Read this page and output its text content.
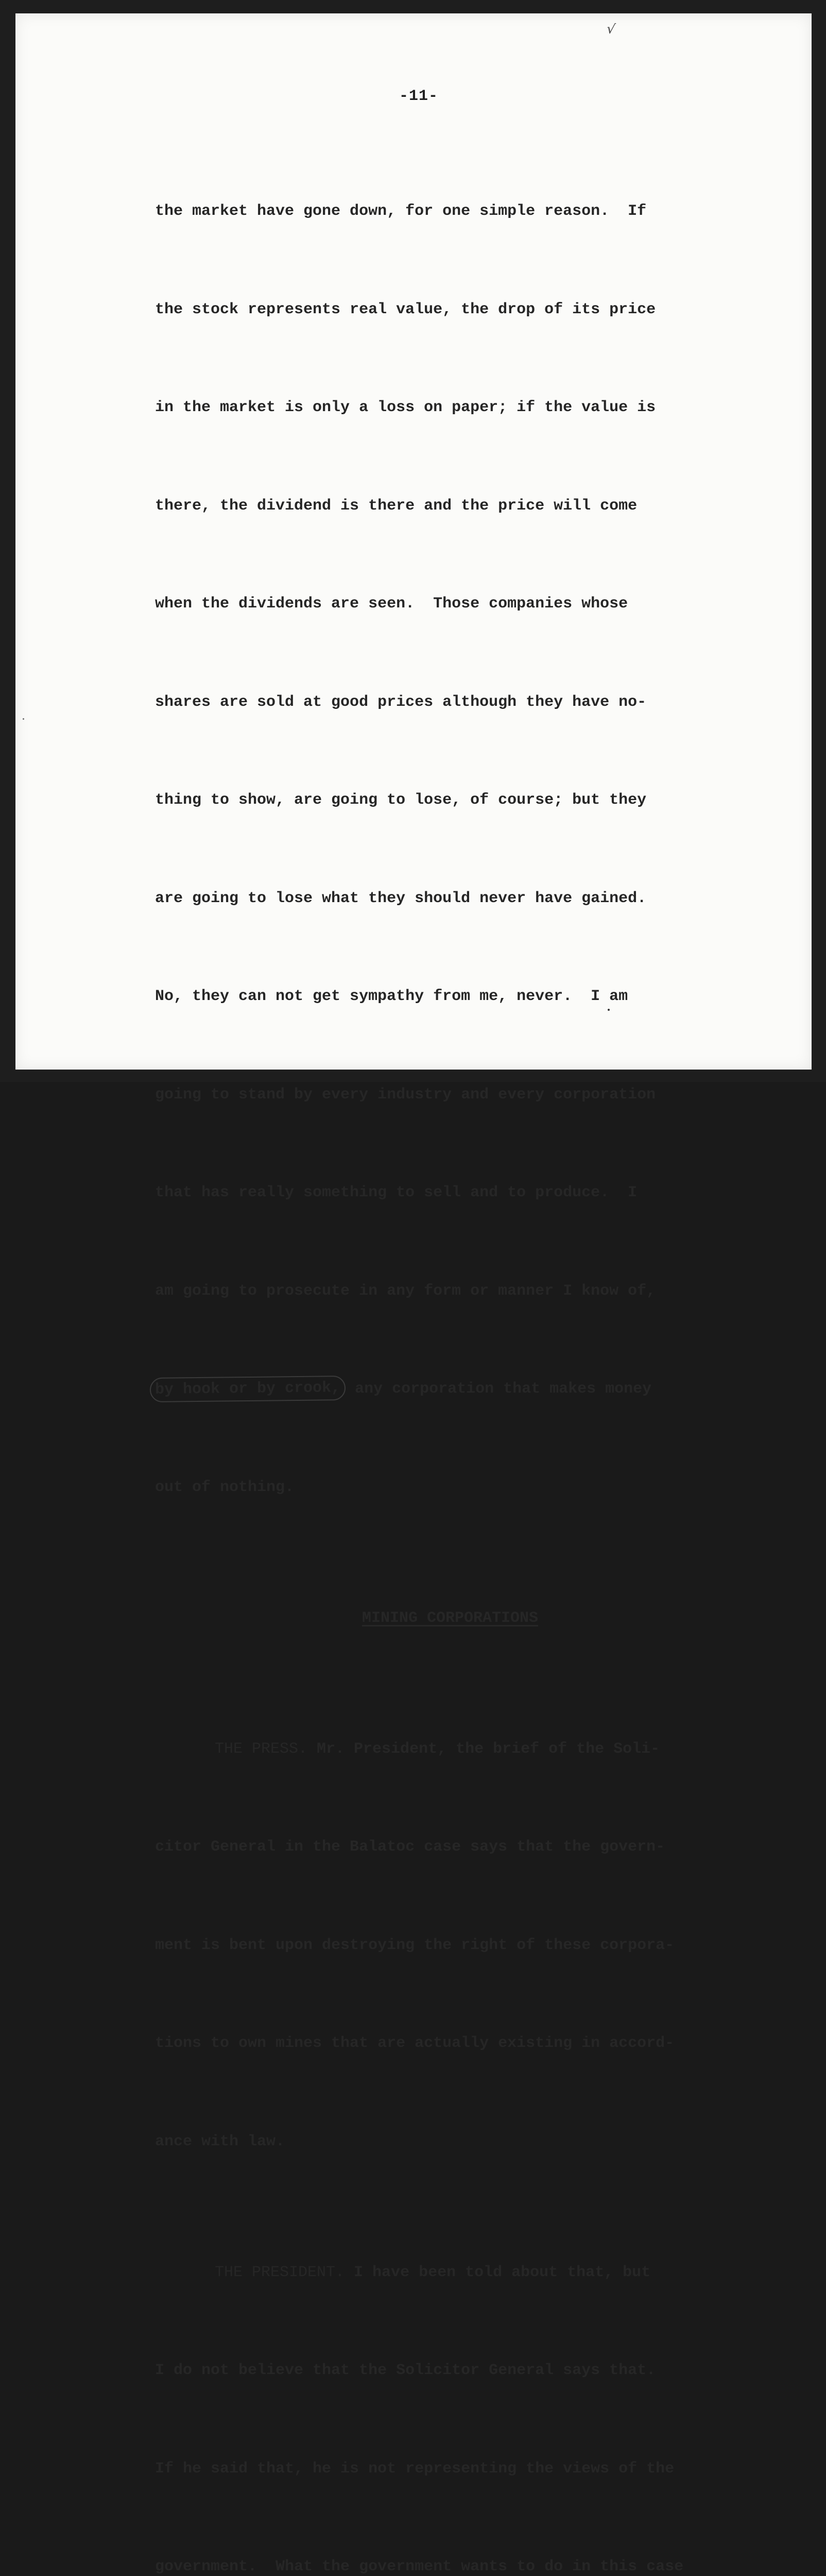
√
-11-

the market have gone down, for one simple reason.  If

the stock represents real value, the drop of its price

in the market is only a loss on paper; if the value is

there, the dividend is there and the price will come

when the dividends are seen.  Those companies whose

shares are sold at good prices although they have no-

thing to show, are going to lose, of course; but they

are going to lose what they should never have gained.

No, they can not get sympathy from me, never.  I am

going to stand by every industry and every corporation

that has really something to sell and to produce.  I

am going to prosecute in any form or manner I know of,

by hook or by crook, any corporation that makes money

out of nothing.

MINING CORPORATIONS

THE PRESS. Mr. President, the brief of the Soli-

citor General in the Balatoc case says that the govern-

ment is bent upon destroying the right of these corpora-

tions to own mines that are actually existing in accord-

ance with law.

THE PRESIDENT. I have been told about that, but

I do not believe that the Solicitor General says that.

If he said that, he is not representing the views of the

government.  What the government wants to do in this case
